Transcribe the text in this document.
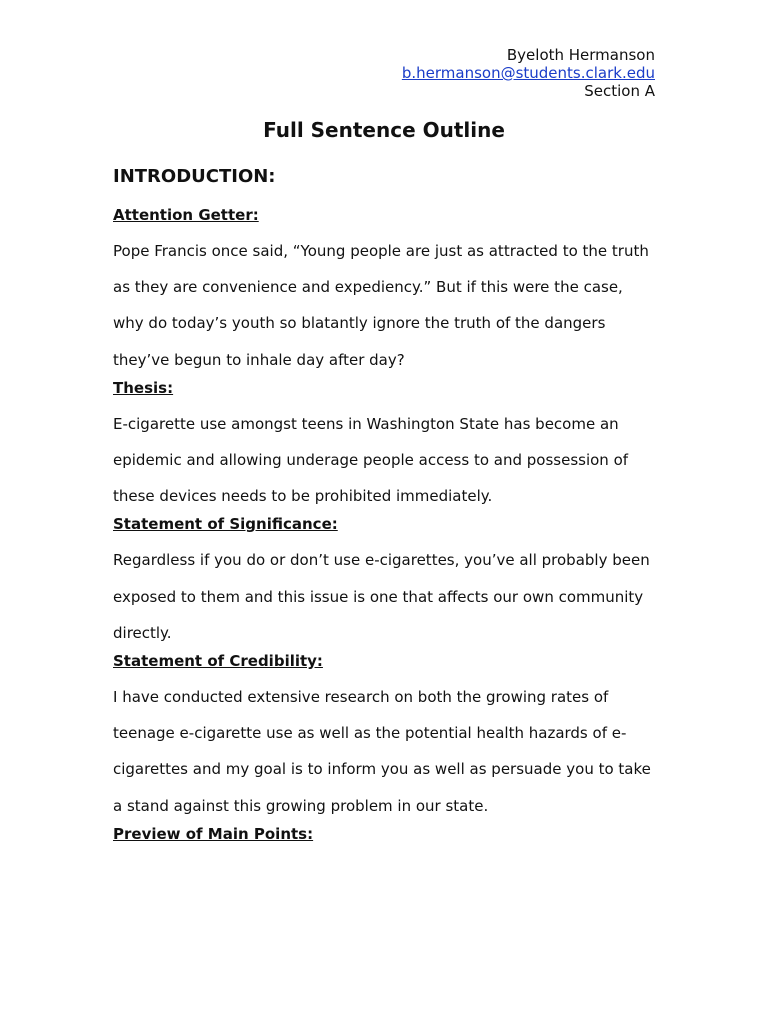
Byeloth Hermanson
b.hermanson@students.clark.edu
Section A
Full Sentence Outline
INTRODUCTION:
Attention Getter:
Pope Francis once said, “Young people are just as attracted to the truth
as they are convenience and expediency.” But if this were the case,
why do today’s youth so blatantly ignore the truth of the dangers
they’ve begun to inhale day after day?
Thesis:
E-cigarette use amongst teens in Washington State has become an
epidemic and allowing underage people access to and possession of
these devices needs to be prohibited immediately.
Statement of Significance:
Regardless if you do or don’t use e-cigarettes, you’ve all probably been
exposed to them and this issue is one that affects our own community
directly.
Statement of Credibility:
I have conducted extensive research on both the growing rates of
teenage e-cigarette use as well as the potential health hazards of e-
cigarettes and my goal is to inform you as well as persuade you to take
a stand against this growing problem in our state.
Preview of Main Points:
